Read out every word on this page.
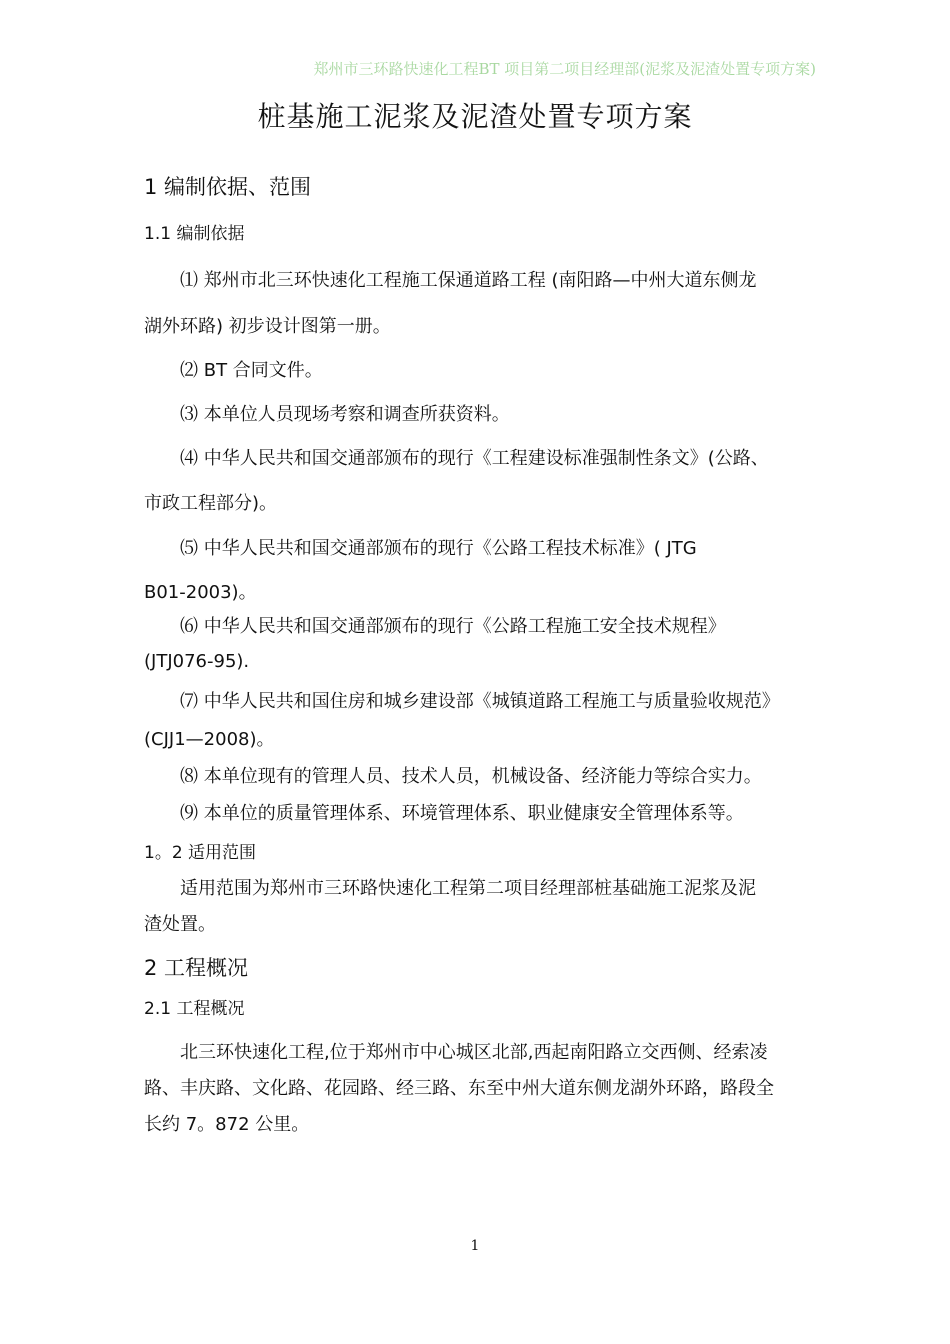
郑州市三环路快速化工程BT 项目第二项目经理部(泥浆及泥渣处置专项方案)
桩基施工泥浆及泥渣处置专项方案
1 编制依据、范围
1.1 编制依据

⑴ 郑州市北三环快速化工程施工保通道路工程 (南阳路—中州大道东侧龙

湖外环路) 初步设计图第一册。

⑵ BT 合同文件。

⑶ 本单位人员现场考察和调查所获资料。

⑷ 中华人民共和国交通部颁布的现行《工程建设标准强制性条文》(公路、

市政工程部分)。

⑸ 中华人民共和国交通部颁布的现行《公路工程技术标准》( JTG

B01-2003)。

⑹ 中华人民共和国交通部颁布的现行《公路工程施工安全技术规程》

(JTJ076-95).

⑺ 中华人民共和国住房和城乡建设部《城镇道路工程施工与质量验收规范》

(CJJ1—2008)。

⑻ 本单位现有的管理人员、技术人员，机械设备、经济能力等综合实力。

⑼ 本单位的质量管理体系、环境管理体系、职业健康安全管理体系等。

1。2 适用范围

适用范围为郑州市三环路快速化工程第二项目经理部桩基础施工泥浆及泥

渣处置。

2 工程概况
2.1 工程概况

北三环快速化工程,位于郑州市中心城区北部,西起南阳路立交西侧、经索凌

路、丰庆路、文化路、花园路、经三路、东至中州大道东侧龙湖外环路，路段全

长约 7。872 公里。

1
